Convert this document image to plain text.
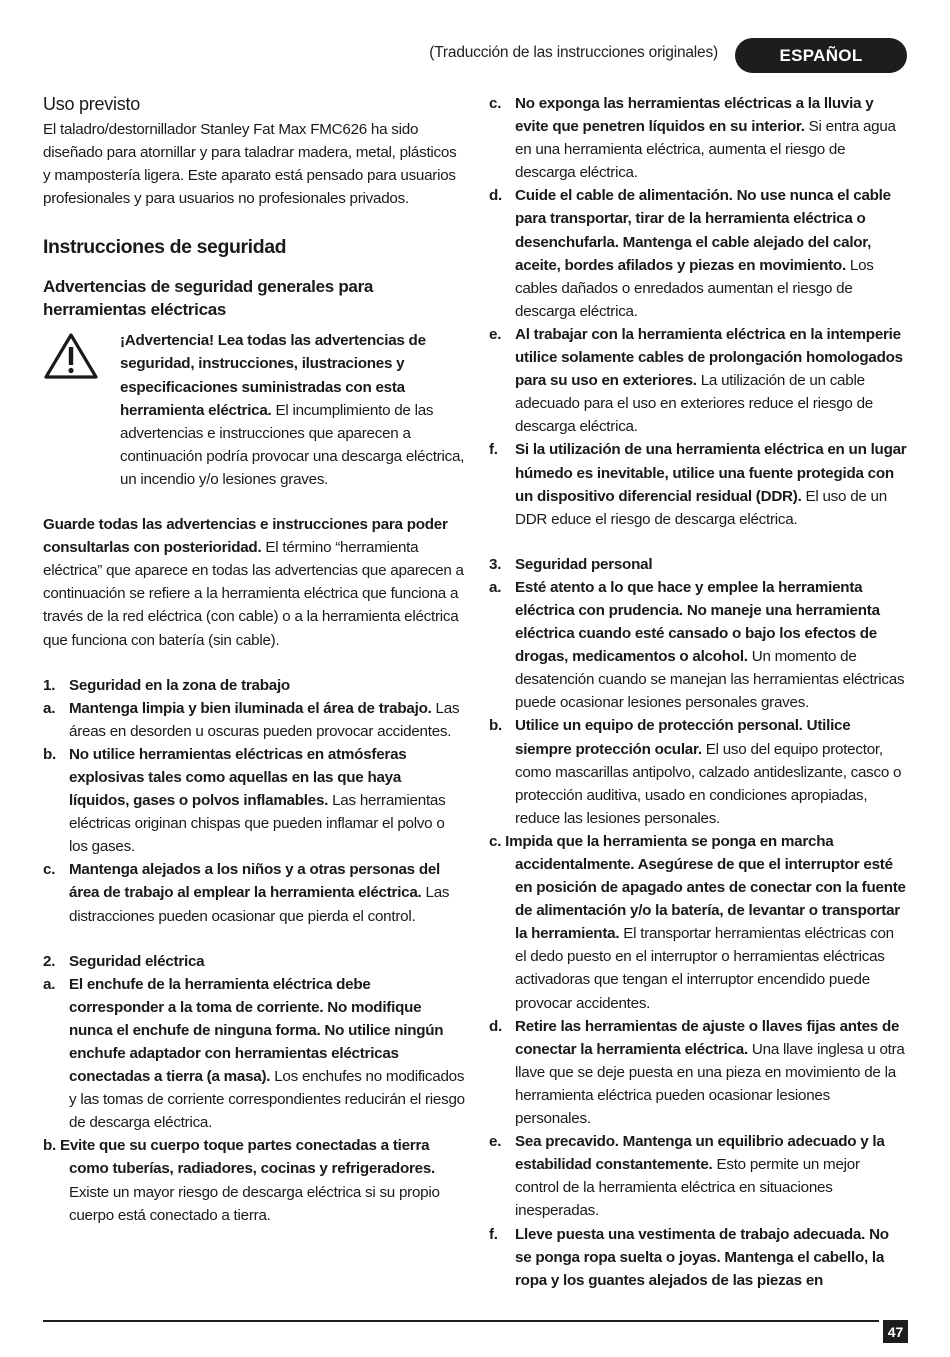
(Traducción de las instrucciones originales)	ESPAÑOL
Uso previsto

El taladro/destornillador Stanley Fat Max FMC626 ha sido diseñado para atornillar y para taladrar madera, metal, plásticos y mampostería ligera. Este aparato está pensado para usuarios profesionales y para usuarios no profesionales privados.

Instrucciones de seguridad
Advertencias de seguridad generales para herramientas eléctricas
¡Advertencia! Lea todas las advertencias de seguridad, instrucciones, ilustraciones y especificaciones suministradas con esta herramienta eléctrica. El incumplimiento de las advertencias e instrucciones que aparecen a continuación podría provocar una descarga eléctrica, un incendio y/o lesiones graves.

Guarde todas las advertencias e instrucciones para poder consultarlas con posterioridad. El término “herramienta eléctrica” que aparece en todas las advertencias que aparecen a continuación se refiere a la herramienta eléctrica que funciona a través de la red eléctrica (con cable) o a la herramienta eléctrica que funciona con batería (sin cable).

1. Seguridad en la zona de trabajo
a. Mantenga limpia y bien iluminada el área de trabajo. Las áreas en desorden u oscuras pueden provocar accidentes.
b. No utilice herramientas eléctricas en atmósferas explosivas tales como aquellas en las que haya líquidos, gases o polvos inflamables. Las herramientas eléctricas originan chispas que pueden inflamar el polvo o los gases.
c. Mantenga alejados a los niños y a otras personas del área de trabajo al emplear la herramienta eléctrica. Las distracciones pueden ocasionar que pierda el control.
2. Seguridad eléctrica
a. El enchufe de la herramienta eléctrica debe corresponder a la toma de corriente. No modifique nunca el enchufe de ninguna forma. No utilice ningún enchufe adaptador con herramientas eléctricas conectadas a tierra (a masa). Los enchufes no modificados y las tomas de corriente correspondientes reducirán el riesgo de descarga eléctrica.

b. Evite que su cuerpo toque partes conectadas a tierra como tuberías, radiadores, cocinas y refrigeradores. Existe un mayor riesgo de descarga eléctrica si su propio cuerpo está conectado a tierra.

c. No exponga las herramientas eléctricas a la lluvia y evite que penetren líquidos en su interior. Si entra agua en una herramienta eléctrica, aumenta el riesgo de descarga eléctrica.
d. Cuide el cable de alimentación. No use nunca el cable para transportar, tirar de la herramienta eléctrica o desenchufarla. Mantenga el cable alejado del calor, aceite, bordes afilados y piezas en movimiento. Los cables dañados o enredados aumentan el riesgo de descarga eléctrica.
e. Al trabajar con la herramienta eléctrica en la intemperie utilice solamente cables de prolongación homologados para su uso en exteriores. La utilización de un cable adecuado para el uso en exteriores reduce el riesgo de descarga eléctrica.
f.	Si la utilización de una herramienta eléctrica en un lugar húmedo es inevitable, utilice una fuente protegida con un dispositivo diferencial residual (DDR). El uso de un DDR educe el riesgo de descarga eléctrica.
3. Seguridad personal
a. Esté atento a lo que hace y emplee la herramienta eléctrica con prudencia. No maneje una herramienta eléctrica cuando esté cansado o bajo los efectos de drogas, medicamentos o alcohol. Un momento de desatención cuando se manejan las herramientas eléctricas puede ocasionar lesiones personales graves.
b. Utilice un equipo de protección personal. Utilice siempre protección ocular. El uso del equipo protector, como mascarillas antipolvo, calzado antideslizante, casco o protección auditiva, usado en condiciones apropiadas, reduce las lesiones personales.

c. Impida que la herramienta se ponga en marcha accidentalmente. Asegúrese de que el interruptor esté en posición de apagado antes de conectar con la fuente de alimentación y/o la batería, de levantar o transportar la herramienta. El transportar herramientas eléctricas con el dedo puesto en el interruptor o herramientas eléctricas activadoras que tengan el interruptor encendido puede provocar accidentes.

d. Retire las herramientas de ajuste o llaves fijas antes de conectar la herramienta eléctrica. Una llave inglesa u otra llave que se deje puesta en una pieza en movimiento de la herramienta eléctrica pueden ocasionar lesiones personales.
e. Sea precavido. Mantenga un equilibrio adecuado y la estabilidad constantemente. Esto permite un mejor control de la herramienta eléctrica en situaciones inesperadas.
f.	Lleve puesta una vestimenta de trabajo adecuada. No se ponga ropa suelta o joyas. Mantenga el cabello, la ropa y los guantes alejados de las piezas en
47
